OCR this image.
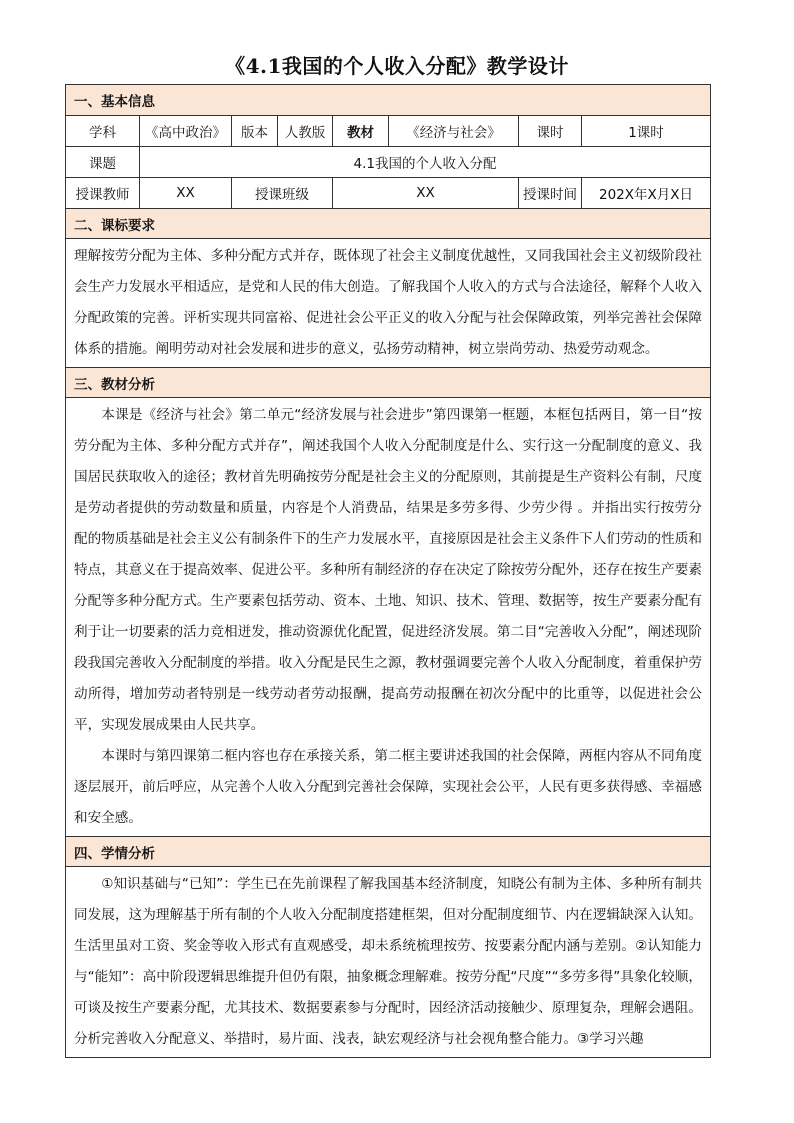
《4.1我国的个人收入分配》教学设计
一、基本信息							
学科	《高中政治》	版本	人教版	教材	《经济与社会》	课时	1课时
课题	4.1我国的个人收入分配						
授课教师	XX	授课班级		XX		授课时间	202X年X月X日
二、课标要求							

理解按劳分配为主体、多种分配方式并存，既体现了社会主义制度优越性，又同我国社会主义初级阶段社会生产力发展水平相适应，是党和人民的伟大创造。了解我国个人收入的方式与合法途径，解释个人收入分配政策的完善。评析实现共同富裕、促进社会公平正义的收入分配与社会保障政策，列举完善社会保障体系的措施。阐明劳动对社会发展和进步的意义，弘扬劳动精神，树立崇尚劳动、热爱劳动观念。							

三、教材分析							

本课是《经济与社会》第二单元“经济发展与社会进步”第四课第一框题，本框包括两目，第一目“按劳分配为主体、多种分配方式并存”，阐述我国个人收入分配制度是什么、实行这一分配制度的意义、我国居民获取收入的途径；教材首先明确按劳分配是社会主义的分配原则，其前提是生产资料公有制，尺度是劳动者提供的劳动数量和质量，内容是个人消费品，结果是多劳多得、少劳少得 。并指出实行按劳分配的物质基础是社会主义公有制条件下的生产力发展水平，直接原因是社会主义条件下人们劳动的性质和特点，其意义在于提高效率、促进公平。多种所有制经济的存在决定了除按劳分配外，还存在按生产要素分配等多种分配方式。生产要素包括劳动、资本、土地、知识、技术、管理、数据等，按生产要素分配有利于让一切要素的活力竞相迸发，推动资源优化配置，促进经济发展。第二目“完善收入分配”，阐述现阶段我国完善收入分配制度的举措。收入分配是民生之源，教材强调要完善个人收入分配制度，着重保护劳动所得，增加劳动者特别是一线劳动者劳动报酬，提高劳动报酬在初次分配中的比重等，以促进社会公平，实现发展成果由人民共享。

本课时与第四课第二框内容也存在承接关系，第二框主要讲述我国的社会保障，两框内容从不同角度逐层展开，前后呼应，从完善个人收入分配到完善社会保障，实现社会公平，人民有更多获得感、幸福感和安全感。							

四、学情分析							

①知识基础与“已知”：学生已在先前课程了解我国基本经济制度，知晓公有制为主体、多种所有制共同发展，这为理解基于所有制的个人收入分配制度搭建框架，但对分配制度细节、内在逻辑缺深入认知。生活里虽对工资、奖金等收入形式有直观感受，却未系统梳理按劳、按要素分配内涵与差别。②认知能力与“能知”：高中阶段逻辑思维提升但仍有限，抽象概念理解难。按劳分配“尺度”“多劳多得”具象化较顺，可谈及按生产要素分配，尤其技术、数据要素参与分配时，因经济活动接触少、原理复杂，理解会遇阻。分析完善收入分配意义、举措时，易片面、浅表，缺宏观经济与社会视角整合能力。③学习兴趣							
